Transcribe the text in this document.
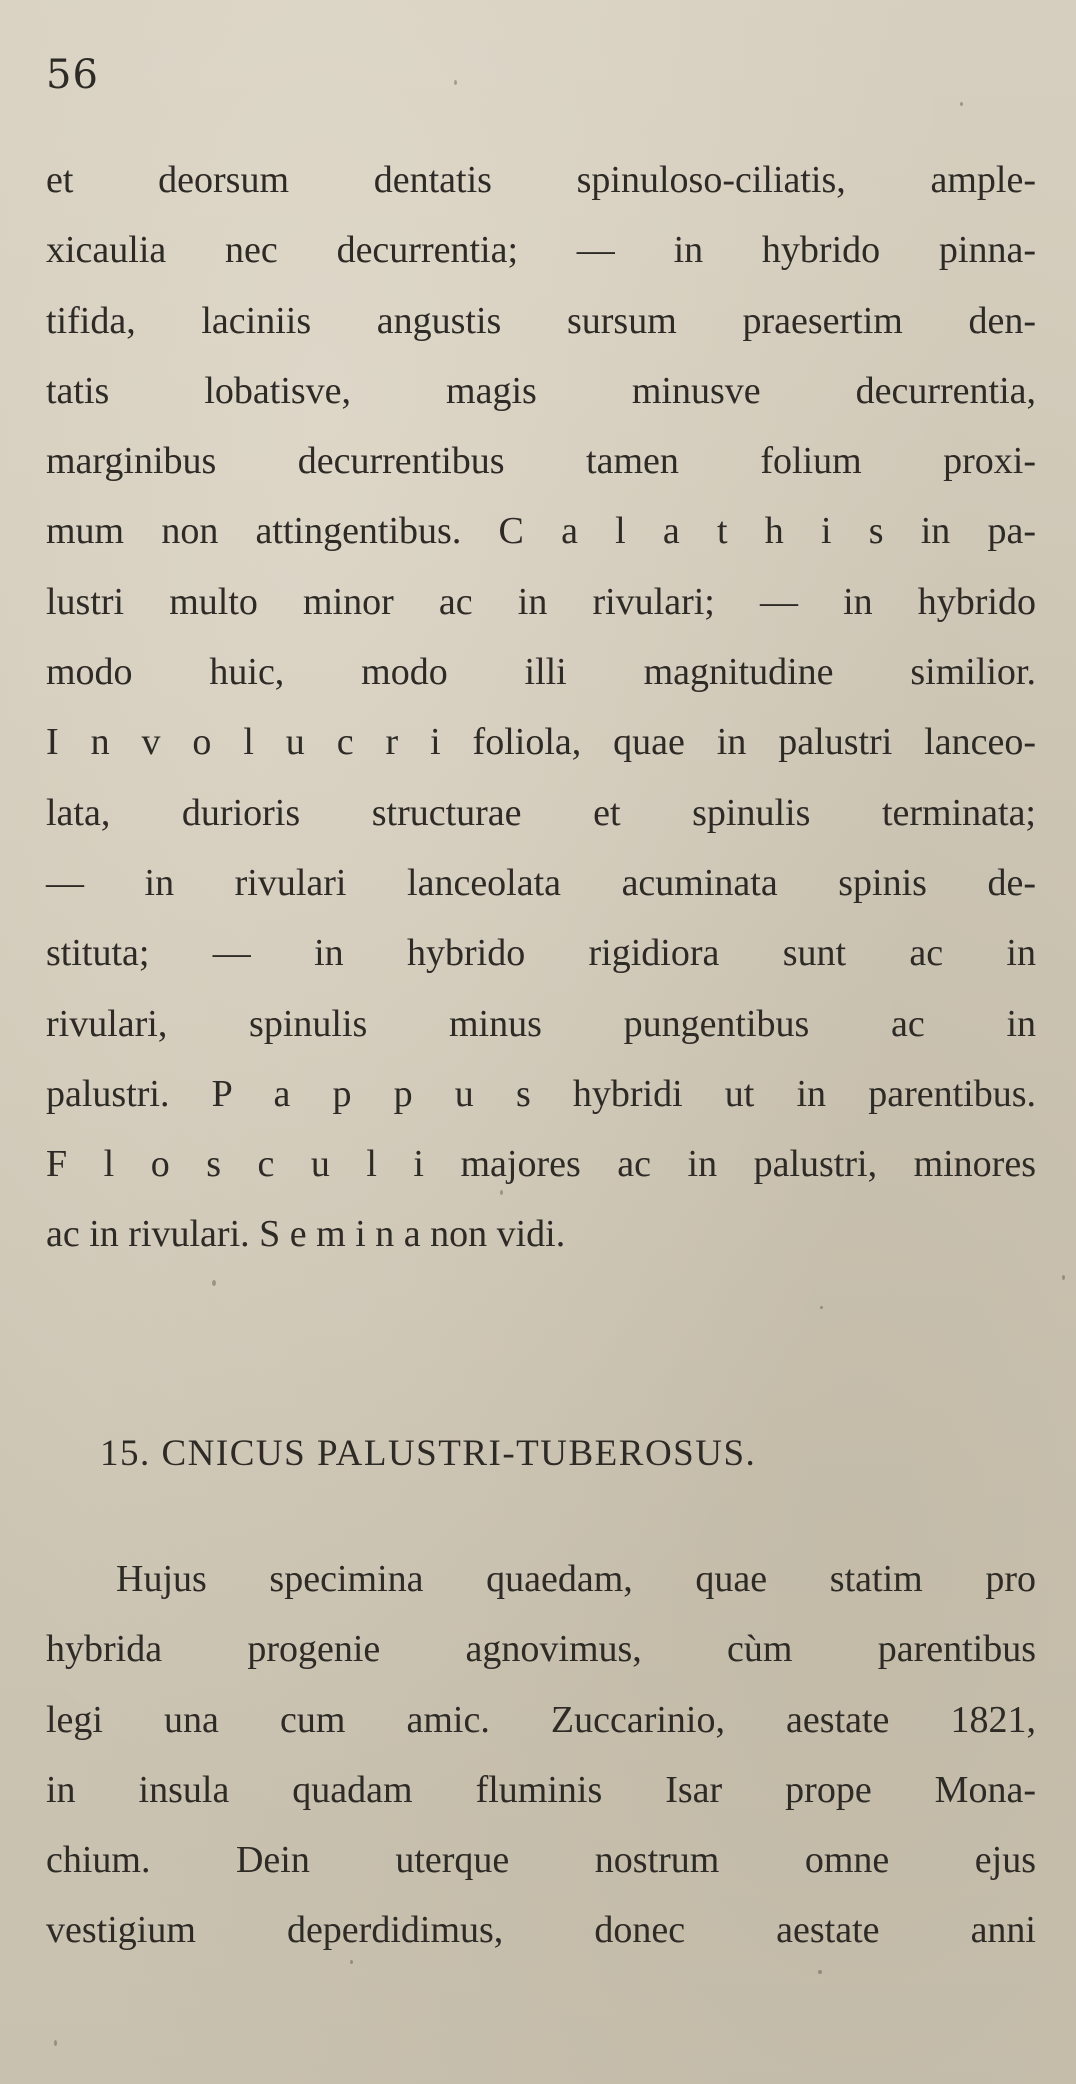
56
et deorsum dentatis spinuloso-ciliatis, ample-
xicaulia nec decurrentia; — in hybrido pinna-
tifida, laciniis angustis sursum praesertim den-
tatis lobatisve, magis minusve decurrentia,
marginibus decurrentibus tamen folium proxi-
mum non attingentibus. C a l a t h i s in pa-
lustri multo minor ac in rivulari; — in hybrido
modo huic, modo illi magnitudine similior.
I n v o l u c r i foliola, quae in palustri lanceo-
lata, durioris structurae et spinulis terminata;
— in rivulari lanceolata acuminata spinis de-
stituta; — in hybrido rigidiora sunt ac in
rivulari, spinulis minus pungentibus ac in
palustri. P a p p u s hybridi ut in parentibus.
F l o s c u l i majores ac in palustri, minores
ac in rivulari. S e m i n a non vidi.
15. CNICUS PALUSTRI-TUBEROSUS.
Hujus specimina quaedam, quae statim pro
hybrida progenie agnovimus, cùm parentibus
legi una cum amic. Zuccarinio, aestate 1821,
in insula quadam fluminis Isar prope Mona-
chium. Dein uterque nostrum omne ejus
vestigium deperdidimus, donec aestate anni
